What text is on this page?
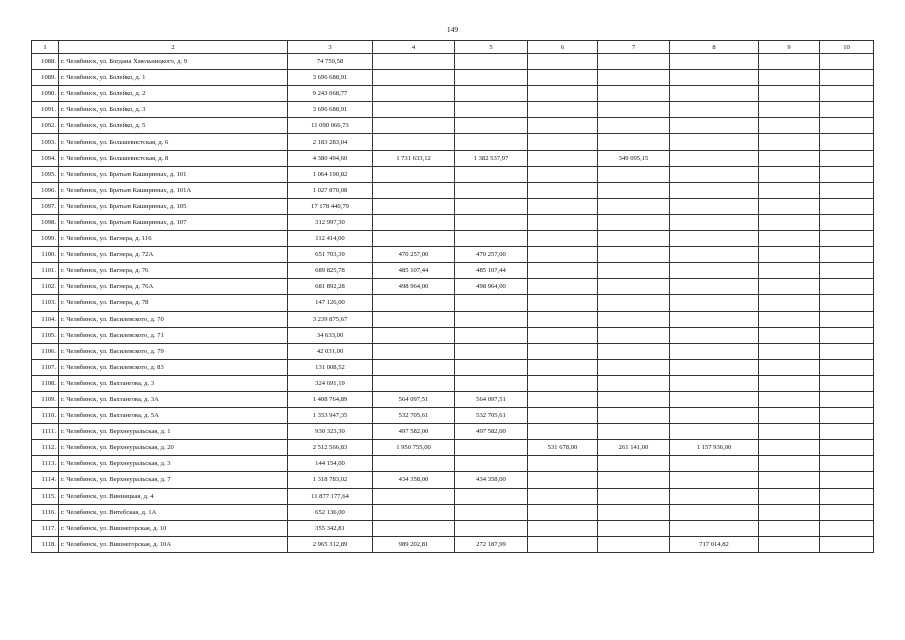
149
1	2	3	4	5	6	7	8	9	10
1088.	г. Челябинск, ул. Богдана Хмельницкого, д. 9	74 759,58							
1089.	г. Челябинск, ул. Болейко, д. 1	3 696 688,91							
1090.	г. Челябинск, ул. Болейко, д. 2	9 243 068,77							
1091.	г. Челябинск, ул. Болейко, д. 3	3 696 688,91							
1092.	г. Челябинск, ул. Болейко, д. 5	11 090 066,73							
1093.	г. Челябинск, ул. Большевистская, д. 6	2 183 283,04							
1094.	г. Челябинск, ул. Большевистская, д. 8	4 380 494,60	1 731 633,12	1 382 537,97		349 095,15			
1095.	г. Челябинск, ул. Братьев Кашириных, д. 101	1 064 190,82							
1096.	г. Челябинск, ул. Братьев Кашириных, д. 101А	1 027 870,08							
1097.	г. Челябинск, ул. Братьев Кашириных, д. 105	17 178 440,79							
1098.	г. Челябинск, ул. Братьев Кашириных, д. 107	312 997,30							
1099.	г. Челябинск, ул. Вагнера, д. 116	112 414,00							
1100.	г. Челябинск, ул. Вагнера, д. 72А	651 703,39	470 257,00	470 257,00					
1101.	г. Челябинск, ул. Вагнера, д. 76	689 825,78	485 107,44	485 107,44					
1102.	г. Челябинск, ул. Вагнера, д. 76А	681 892,28	498 964,00	498 964,00					
1103.	г. Челябинск, ул. Вагнера, д. 78	147 126,00							
1104.	г. Челябинск, ул. Василевского, д. 70	3 239 875,67							
1105.	г. Челябинск, ул. Василевского, д. 71	34 633,00							
1106.	г. Челябинск, ул. Василевского, д. 79	42 031,00							
1107.	г. Челябинск, ул. Василевского, д. 83	131 008,52							
1108.	г. Челябинск, ул. Вахтангова, д. 3	324 691,19							
1109.	г. Челябинск, ул. Вахтангова, д. 3А	1 408 764,89	564 097,51	564 097,51					
1110.	г. Челябинск, ул. Вахтангова, д. 5А	1 353 947,35	532 705,61	532 705,61					
1111.	г. Челябинск, ул. Верхнеуральская, д. 1	930 323,30	497 582,00	497 582,00					
1112.	г. Челябинск, ул. Верхнеуральская, д. 20	2 512 566,83	1 950 755,00		531 678,00	261 141,00	1 157 936,00		
1113.	г. Челябинск, ул. Верхнеуральская, д. 3	144 154,00							
1114.	г. Челябинск, ул. Верхнеуральская, д. 7	1 318 783,02	434 358,00	434 358,00					
1115.	г. Челябинск, ул. Винницкая, д. 4	11 877 177,64							
1116.	г. Челябинск, ул. Витебская, д. 1А	652 136,00							
1117.	г. Челябинск, ул. Вишнегорская, д. 10	355 342,81							
1118.	г. Челябинск, ул. Вишнегорская, д. 10А	2 965 312,89	989 202,81	272 187,99			717 014,82		
